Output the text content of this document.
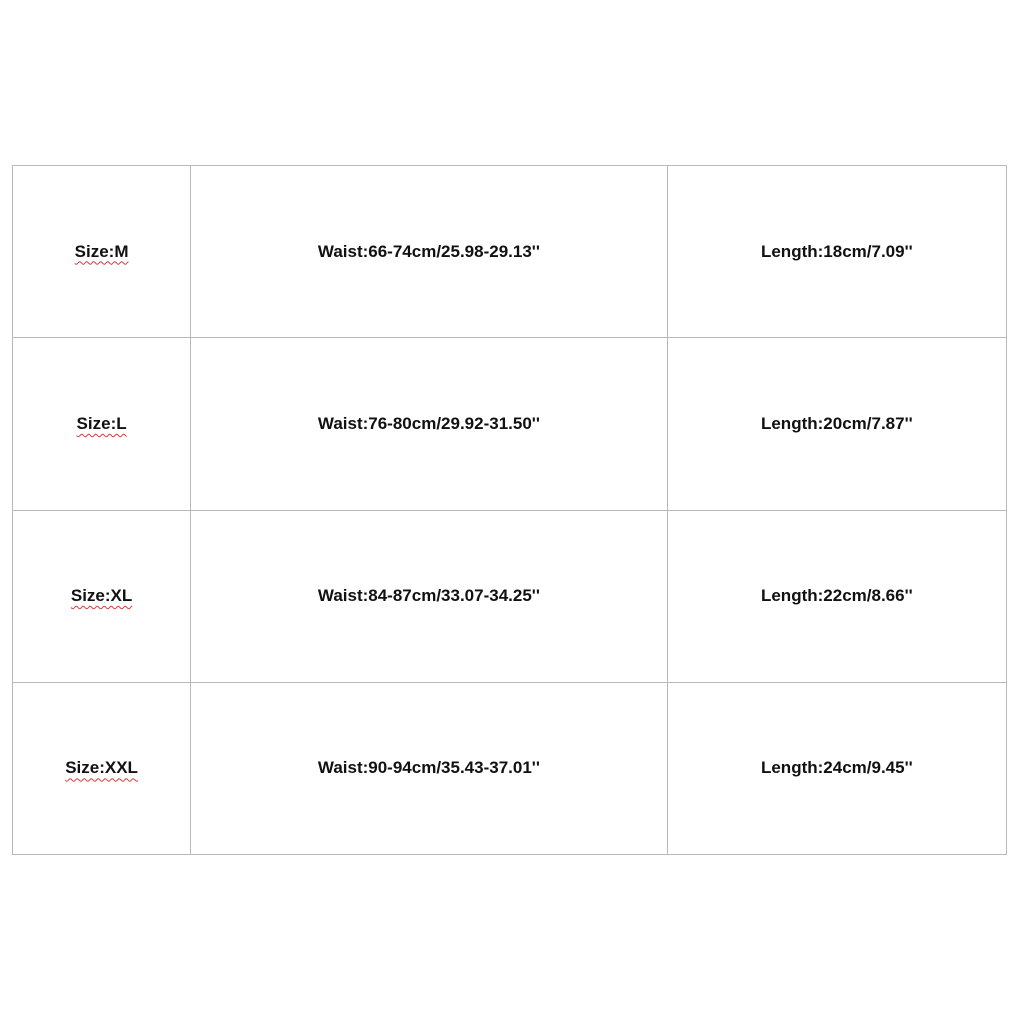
Size:M	Waist:66-74cm/25.98-29.13''	Length:18cm/7.09''
Size:L	Waist:76-80cm/29.92-31.50''	Length:20cm/7.87''
Size:XL	Waist:84-87cm/33.07-34.25''	Length:22cm/8.66''
Size:XXL	Waist:90-94cm/35.43-37.01''	Length:24cm/9.45''
